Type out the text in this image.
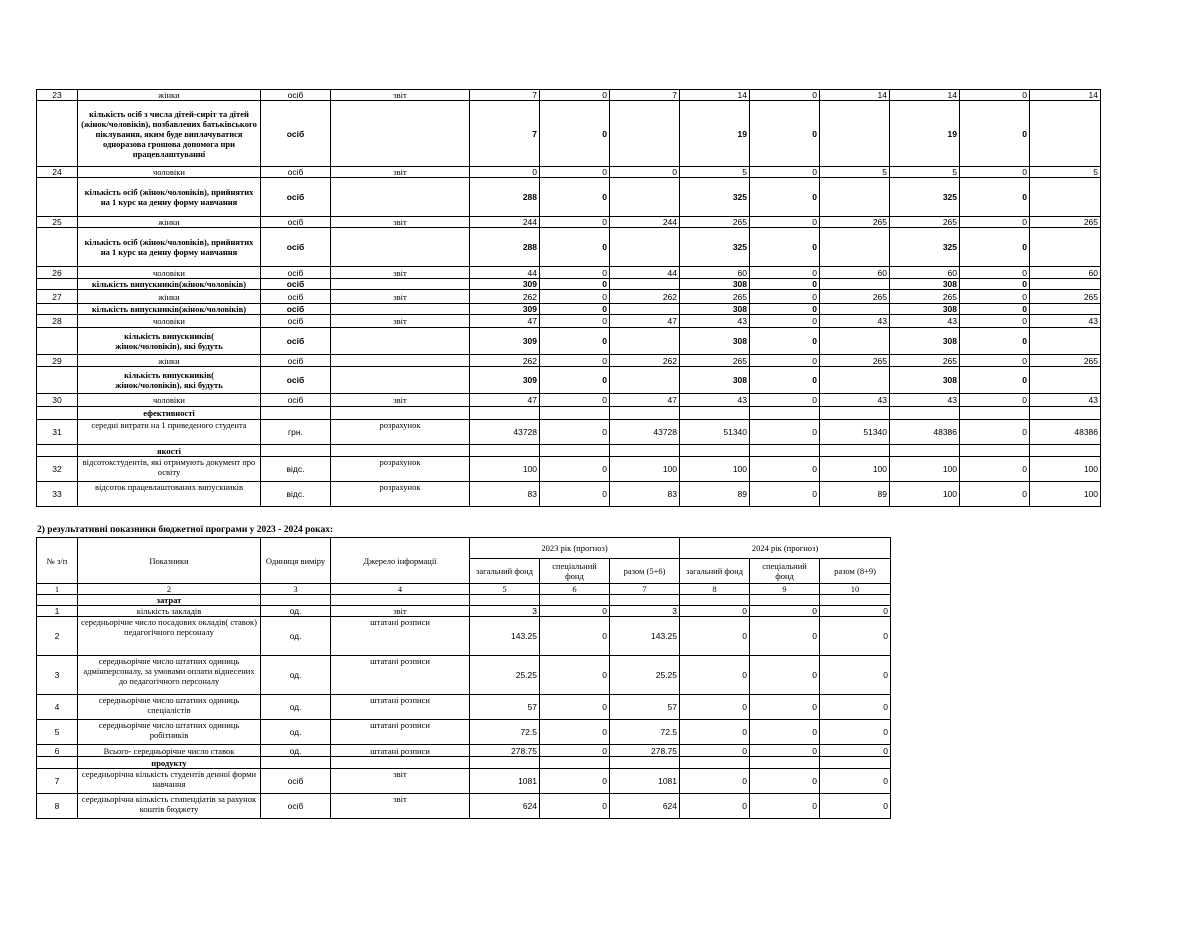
23	жінки	осіб	звіт	7	0	7	14	0	14	14	0	14
	кількість осіб з числа дітей-сиріт та дітей (жінок/чоловіків), позбавлених батьківського піклування, яким буде виплачуватися одноразова грошова допомога при працевлаштуванні	осіб		7	0		19	0		19	0	
24	чоловіки	осіб	звіт	0	0	0	5	0	5	5	0	5
	кількість осіб (жінок/чоловіків), прийнятих на 1 курс на денну форму навчання	осіб		288	0		325	0		325	0	
25	жінки	осіб	звіт	244	0	244	265	0	265	265	0	265
	кількість осіб (жінок/чоловіків), прийнятих на 1 курс на денну форму навчання	осіб		288	0		325	0		325	0	
26	чоловіки	осіб	звіт	44	0	44	60	0	60	60	0	60
	кількість випускників(жінок/чоловіків)	осіб		309	0		308	0		308	0	
27	жінки	осіб	звіт	262	0	262	265	0	265	265	0	265
	кількість випускників(жінок/чоловіків)	осіб		309	0		308	0		308	0	
28	чоловіки	осіб	звіт	47	0	47	43	0	43	43	0	43
	кількість випускників(
жінок/чоловіків), які будуть	осіб		309	0		308	0		308	0	
29	жінки	осіб		262	0	262	265	0	265	265	0	265
	кількість випускників(
жінок/чоловіків), які будуть	осіб		309	0		308	0		308	0	
30	чоловіки	осіб	звіт	47	0	47	43	0	43	43	0	43
	ефективності											
31	середні витрати на 1 приведеного студента	грн.	розрахунок	43728	0	43728	51340	0	51340	48386	0	48386
	якості											
32	відсотокстудентів, які отримують документ про освіту	відс.	розрахунок	100	0	100	100	0	100	100	0	100
33	відсоток працевлаштованих випускників	відс.	розрахунок	83	0	83	89	0	89	100	0	100
2) результативні показники бюджетної програми у 2023 - 2024 роках:
№ з/п	Показники	Одиниця виміру	Джерело інформації	2023 рік (прогноз)			2024 рік (прогноз)		
				загальний фонд	спеціальний фонд	разом (5+6)	загальний фонд	спеціальний фонд	разом (8+9)
1	2	3	4	5	6	7	8	9	10
	затрат								
1	кількість закладів	од.	звіт	3	0	3	0	0	0
2	середньорічне число посадових окладів( ставок) педагогічного персоналу	од.	штатані розписи	143.25	0	143.25	0	0	0
3	середньорічне число штатних одиниць адмінперсоналу, за умовами оплати віднесених до педагогічного персоналу	од.	штатані розписи	25.25	0	25.25	0	0	0
4	середньорічне число штатних одиниць спеціалістів	од.	штатані розписи	57	0	57	0	0	0
5	середньорічне число штатних одиниць робітників	од.	штатані розписи	72.5	0	72.5	0	0	0
6	Всього- середньорічне число ставок	од.	штатані розписи	278.75	0	278.75	0	0	0
	продукту								
7	середньорічна кількість студентів денної форми навчання	осіб	звіт	1081	0	1081	0	0	0
8	середньорічна кількість стипендіатів за рахунок коштів бюджету	осіб	звіт	624	0	624	0	0	0
